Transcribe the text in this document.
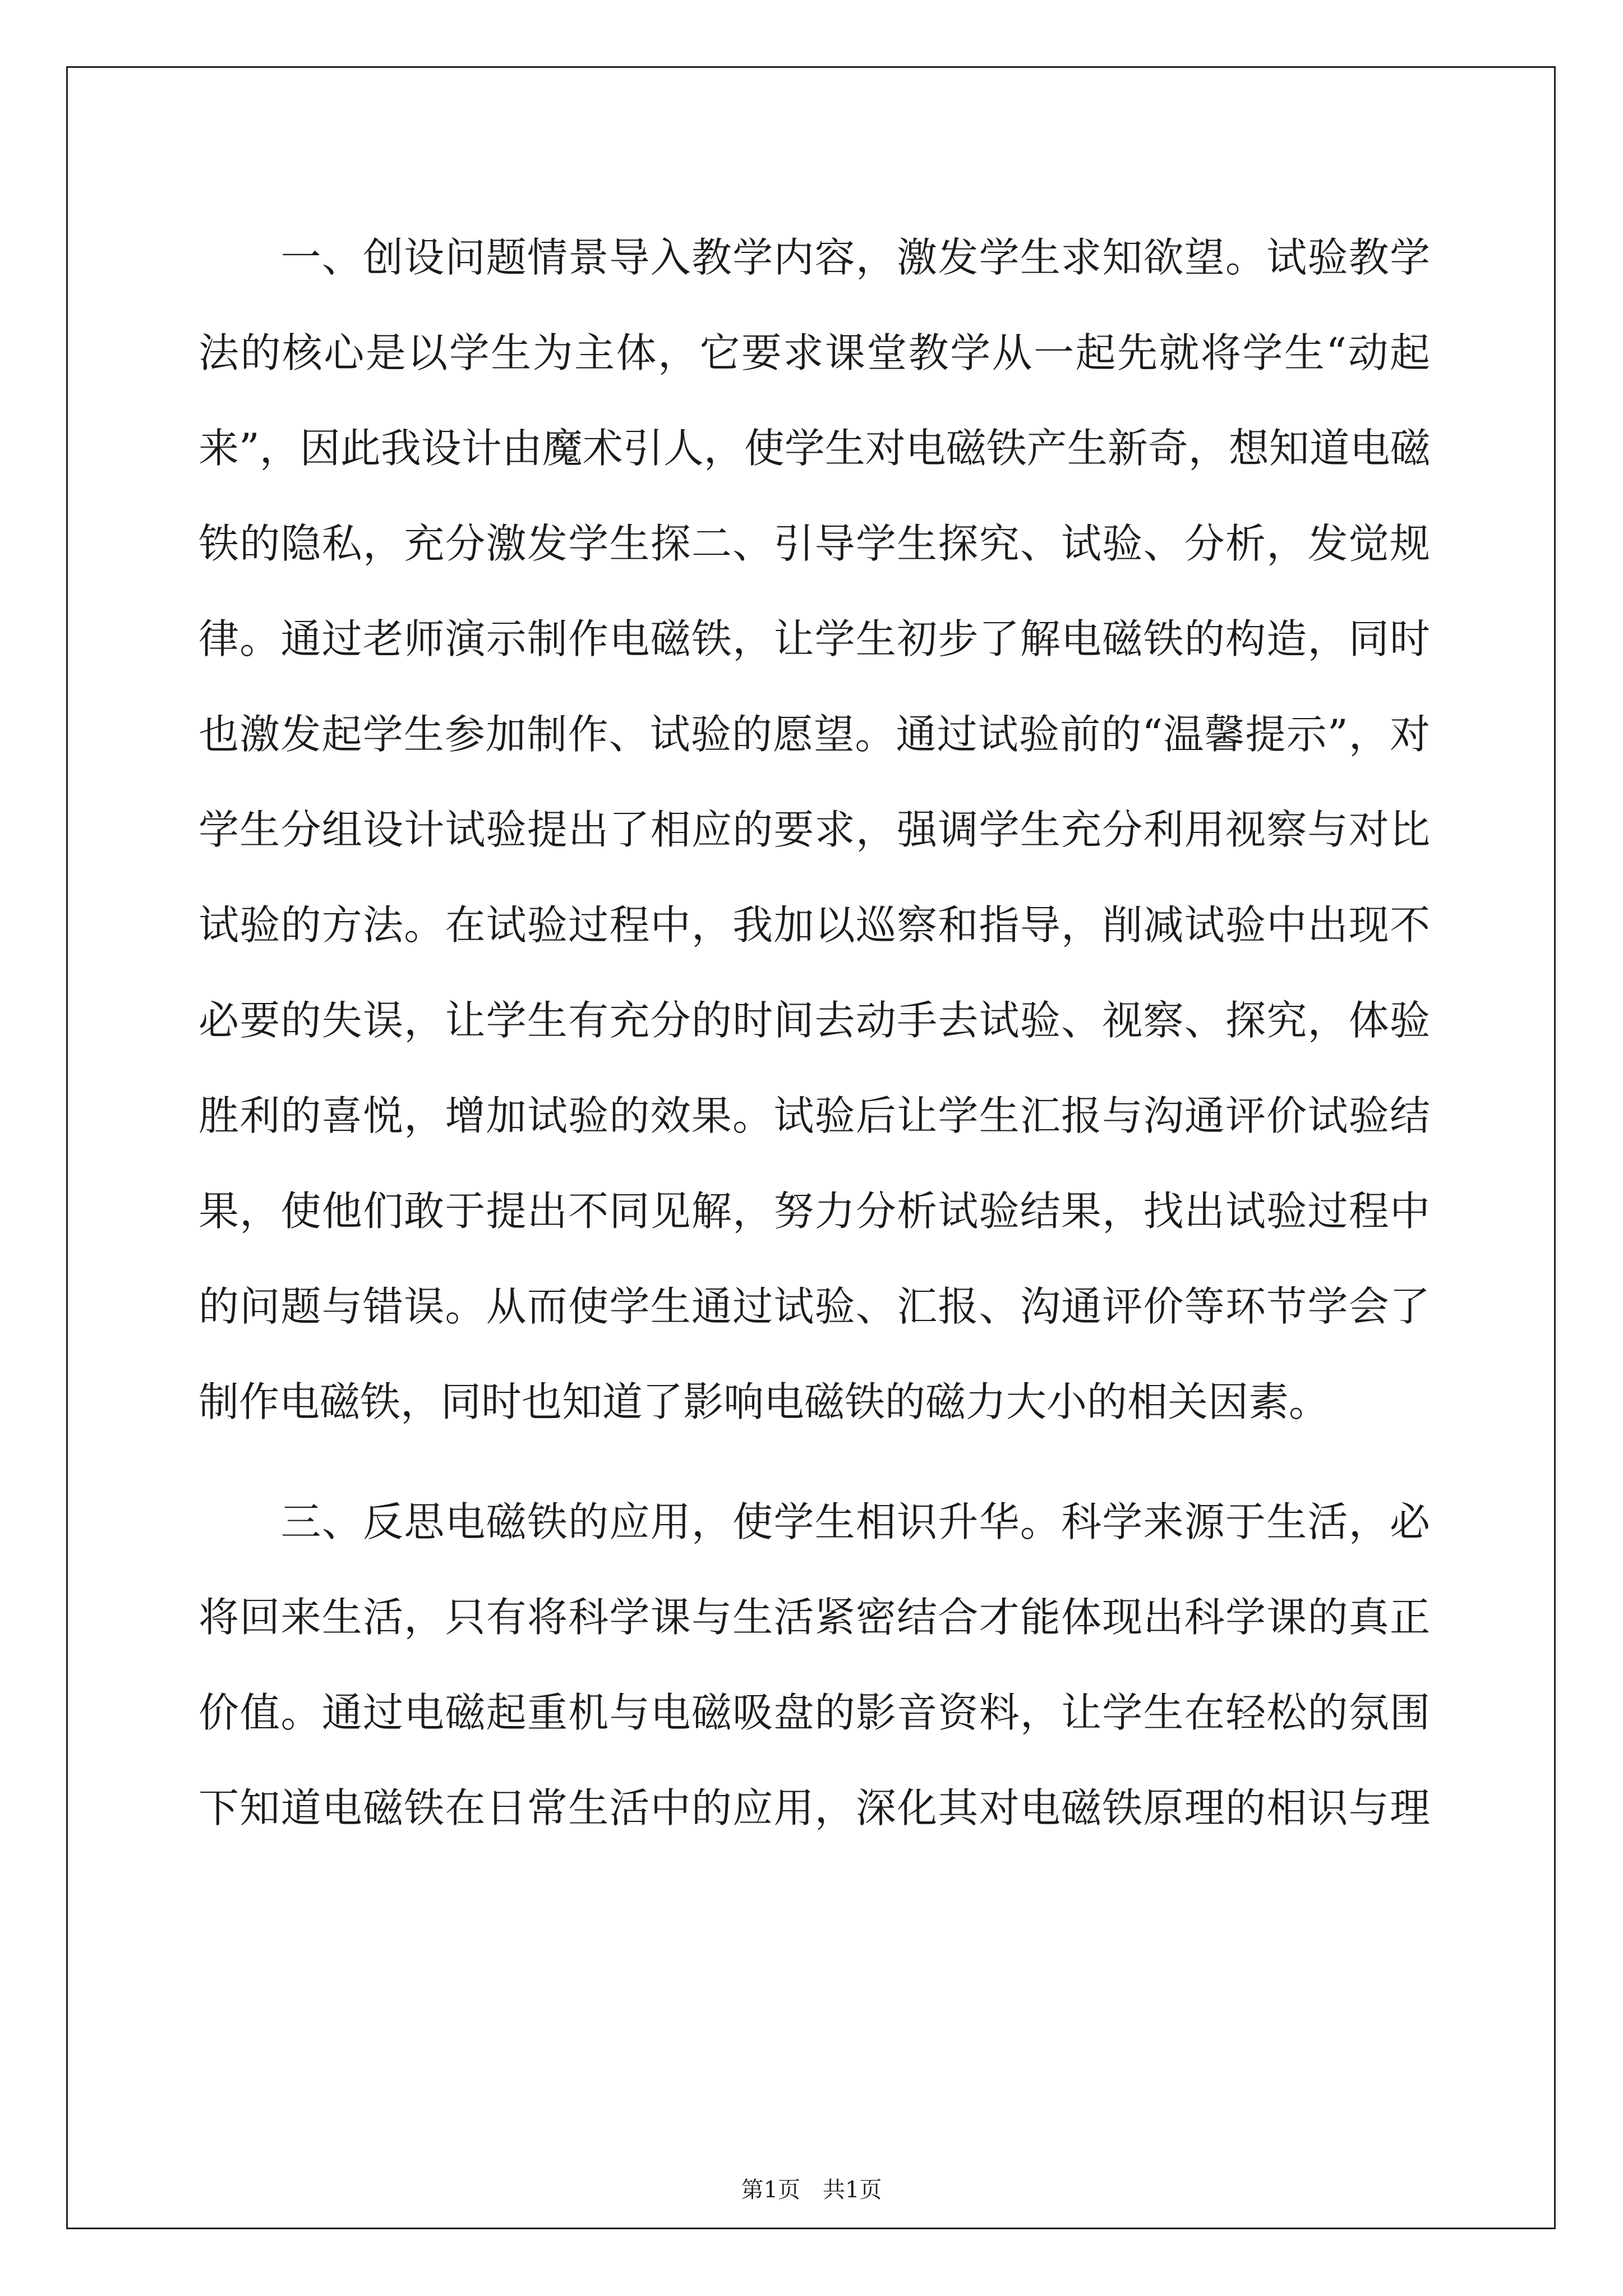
　　一、创设问题情景导入教学内容，激发学生求知欲望。试验教学
法的核心是以学生为主体，它要求课堂教学从一起先就将学生“动起
来”，因此我设计由魔术引人，使学生对电磁铁产生新奇，想知道电磁
铁的隐私，充分激发学生探二、引导学生探究、试验、分析，发觉规
律。通过老师演示制作电磁铁，让学生初步了解电磁铁的构造，同时
也激发起学生参加制作、试验的愿望。通过试验前的“温馨提示”，对
学生分组设计试验提出了相应的要求，强调学生充分利用视察与对比
试验的方法。在试验过程中，我加以巡察和指导，削减试验中出现不
必要的失误，让学生有充分的时间去动手去试验、视察、探究，体验
胜利的喜悦，增加试验的效果。试验后让学生汇报与沟通评价试验结
果，使他们敢于提出不同见解，努力分析试验结果，找出试验过程中
的问题与错误。从而使学生通过试验、汇报、沟通评价等环节学会了
制作电磁铁，同时也知道了影响电磁铁的磁力大小的相关因素。
　　三、反思电磁铁的应用，使学生相识升华。科学来源于生活，必
将回来生活，只有将科学课与生活紧密结合才能体现出科学课的真正
价值。通过电磁起重机与电磁吸盘的影音资料，让学生在轻松的氛围
下知道电磁铁在日常生活中的应用，深化其对电磁铁原理的相识与理
第1页　共1页
